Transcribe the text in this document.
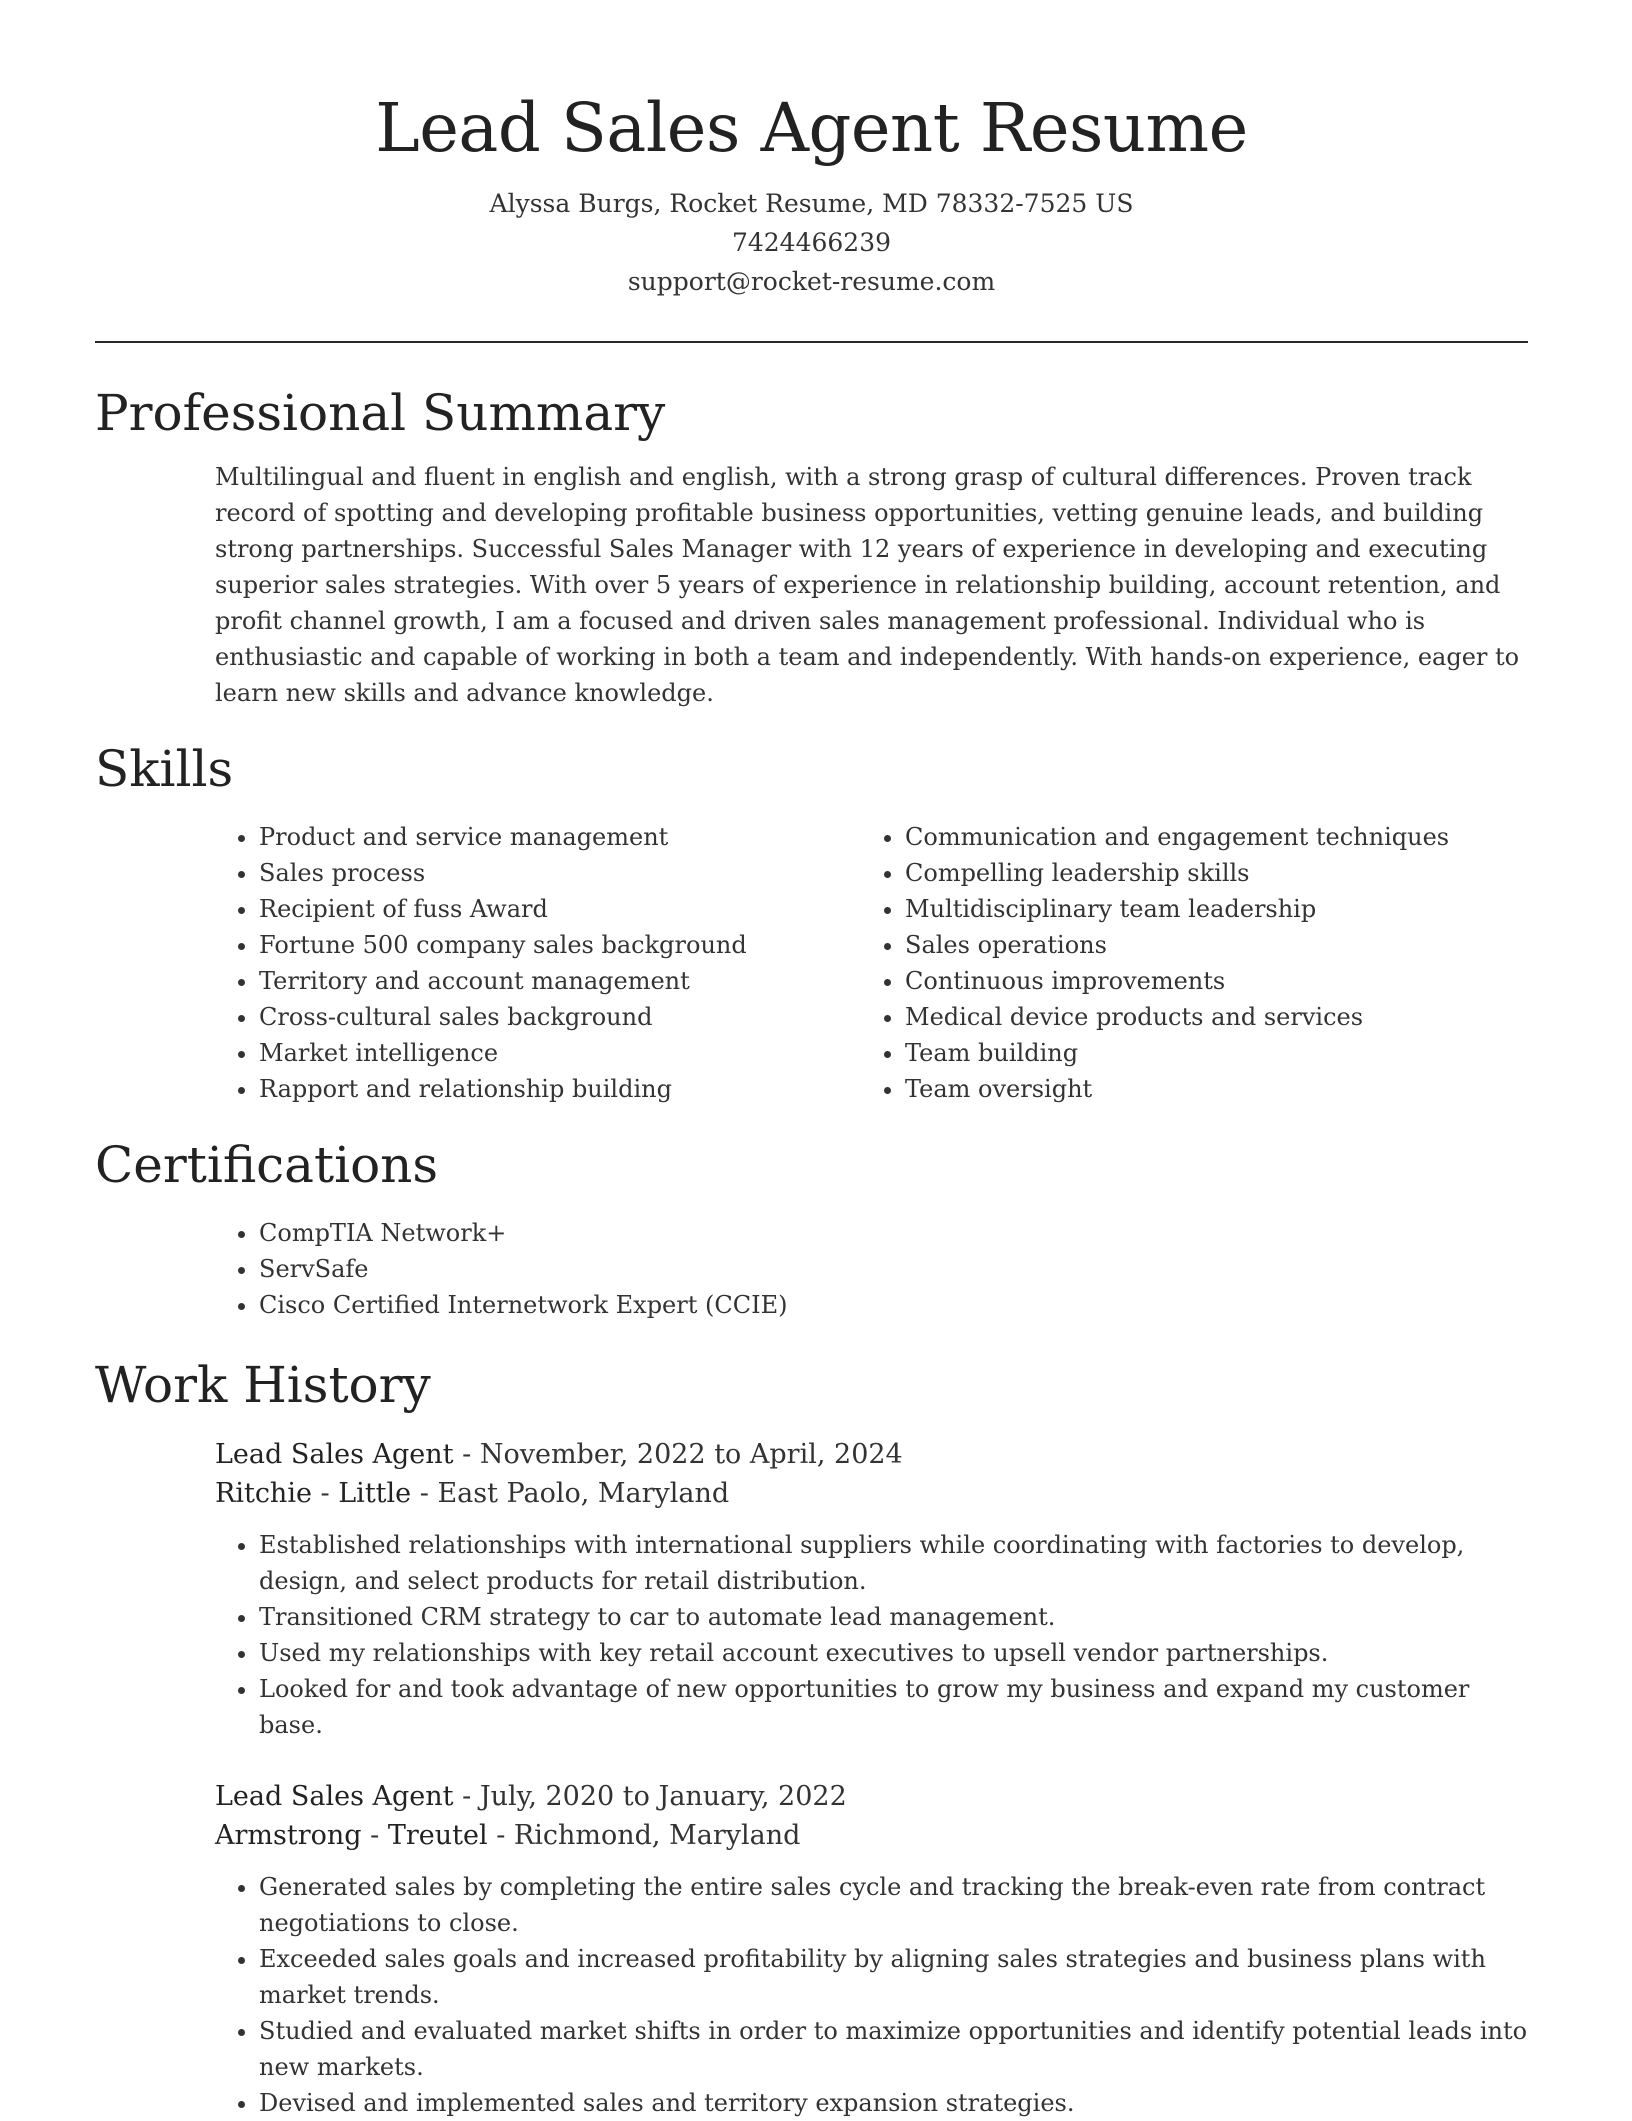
Lead Sales Agent Resume

Alyssa Burgs, Rocket Resume, MD 78332-7525 US

7424466239

support@rocket-resume.com

Professional Summary

Multilingual and fluent in english and english, with a strong grasp of cultural differences. Proven track record of spotting and developing profitable business opportunities, vetting genuine leads, and building strong partnerships. Successful Sales Manager with 12 years of experience in developing and executing superior sales strategies. With over 5 years of experience in relationship building, account retention, and profit channel growth, I am a focused and driven sales management professional. Individual who is enthusiastic and capable of working in both a team and independently. With hands-on experience, eager to learn new skills and advance knowledge.

Skills
• Product and service management
• Sales process
• Recipient of fuss Award
• Fortune 500 company sales background
• Territory and account management
• Cross-cultural sales background
• Market intelligence
• Rapport and relationship building
• Communication and engagement techniques
• Compelling leadership skills
• Multidisciplinary team leadership
• Sales operations
• Continuous improvements
• Medical device products and services
• Team building
• Team oversight
Certifications
• CompTIA Network+
• ServSafe
• Cisco Certified Internetwork Expert (CCIE)
Work History

Lead Sales Agent - November, 2022 to April, 2024

Ritchie - Little - East Paolo, Maryland

• Established relationships with international suppliers while coordinating with factories to develop, design, and select products for retail distribution.
• Transitioned CRM strategy to car to automate lead management.
• Used my relationships with key retail account executives to upsell vendor partnerships.
• Looked for and took advantage of new opportunities to grow my business and expand my customer base.

Lead Sales Agent - July, 2020 to January, 2022

Armstrong - Treutel - Richmond, Maryland

• Generated sales by completing the entire sales cycle and tracking the break-even rate from contract negotiations to close.
• Exceeded sales goals and increased profitability by aligning sales strategies and business plans with market trends.
• Studied and evaluated market shifts in order to maximize opportunities and identify potential leads into new markets.
• Devised and implemented sales and territory expansion strategies.
